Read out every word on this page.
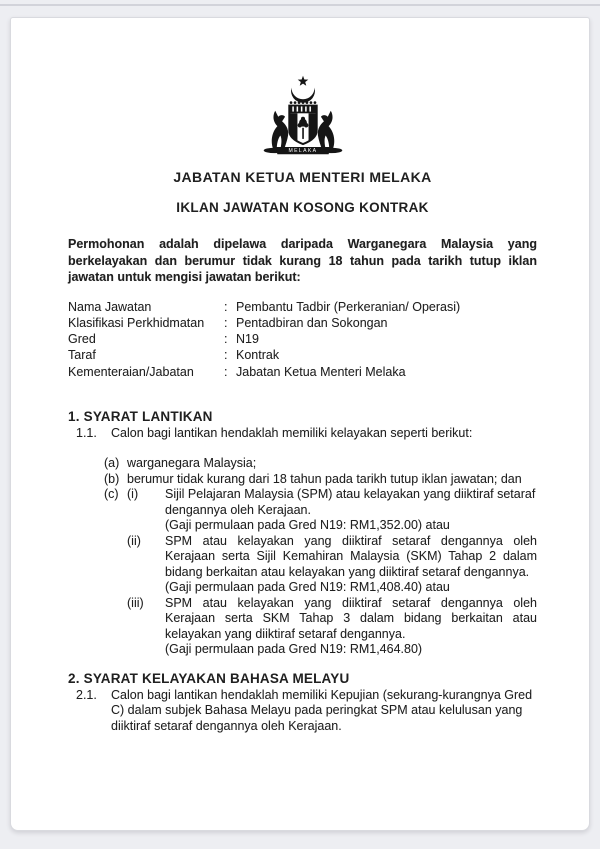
MELAKA
JABATAN KETUA MENTERI MELAKA
IKLAN JAWATAN KOSONG KONTRAK
Permohonan adalah dipelawa daripada Warganegara Malaysia yang berkelayakan dan berumur tidak kurang 18 tahun pada tarikh tutup iklan jawatan untuk mengisi jawatan berikut:
Nama Jawatan	: Pembantu Tadbir (Perkeranian/ Operasi)
Klasifikasi Perkhidmatan	: Pentadbiran dan Sokongan
Gred	: N19
Taraf	: Kontrak
Kementeraian/Jabatan	: Jabatan Ketua Menteri Melaka
1. SYARAT LANTIKAN
1.1.	Calon bagi lantikan hendaklah memiliki kelayakan seperti berikut:
(a) warganegara Malaysia;
(b) berumur tidak kurang dari 18 tahun pada tarikh tutup iklan jawatan; dan
(c) (i)	Sijil Pelajaran Malaysia (SPM) atau kelayakan yang diiktiraf setaraf dengannya oleh Kerajaan.
(Gaji permulaan pada Gred N19: RM1,352.00) atau
(ii)	SPM atau kelayakan yang diiktiraf setaraf dengannya oleh Kerajaan serta Sijil Kemahiran Malaysia (SKM) Tahap 2 dalam bidang berkaitan atau kelayakan yang diiktiraf setaraf dengannya.
(Gaji permulaan pada Gred N19: RM1,408.40) atau
(iii)	SPM atau kelayakan yang diiktiraf setaraf dengannya oleh Kerajaan serta SKM Tahap 3 dalam bidang berkaitan atau kelayakan yang diiktiraf setaraf dengannya.
(Gaji permulaan pada Gred N19: RM1,464.80)
2. SYARAT KELAYAKAN BAHASA MELAYU
2.1.	Calon bagi lantikan hendaklah memiliki Kepujian (sekurang-kurangnya Gred C) dalam subjek Bahasa Melayu pada peringkat SPM atau kelulusan yang diiktiraf setaraf dengannya oleh Kerajaan.
